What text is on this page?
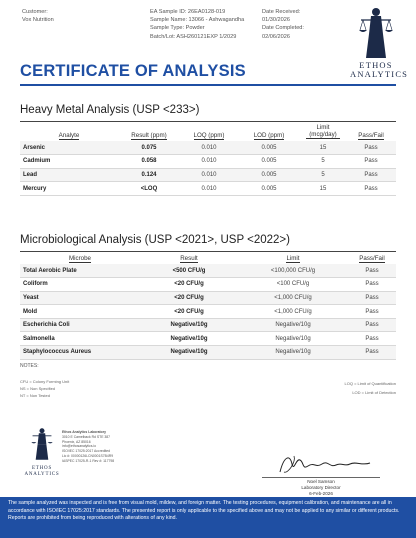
Customer:
Vox Nutrition
EA Sample ID: 26EA0128-019
Sample Name: 13066 - Ashwagandha
Sample Type: Powder
Batch/Lot: ASH260121EXP 1/2029
Date Received:
01/30/2026
Date Completed:
02/06/2026
ETHOS
ANALYTICS
CERTIFICATE OF ANALYSIS
Heavy Metal Analysis (USP <233>)
Analyte	Result (ppm)	LOQ (ppm)	LOD (ppm)	Limit (mcg/day)	Pass/Fail
Arsenic	0.075	0.010	0.005	15	Pass
Cadmium	0.058	0.010	0.005	5	Pass
Lead	0.124	0.010	0.005	5	Pass
Mercury	<LOQ	0.010	0.005	15	Pass
Microbiological Analysis (USP <2021>, USP <2022>)
Microbe	Result	Limit	Pass/Fail
Total Aerobic Plate	<500 CFU/g	<100,000 CFU/g	Pass
Coliform	<20 CFU/g	<100 CFU/g	Pass
Yeast	<20 CFU/g	<1,000 CFU/g	Pass
Mold	<20 CFU/g	<1,000 CFU/g	Pass
Escherichia Coli	Negative/10g	Negative/10g	Pass
Salmonella	Negative/10g	Negative/10g	Pass
Staphylococcus Aureus	Negative/10g	Negative/10g	Pass
NOTES:
CFU = Colony Forming Unit
NS = Non Specified
NT = Non Tested
LOQ = Limit of Quantification
LOD = Limit of Detection
ETHOS
ANALYTICS
Ethos Analytics Laboratory
3010 E Camelback Rd STE 387
Phoenix, AZ 85016
info@ethosanalytics.io
ISO/IEC 17025:2017 Accredited
Lic #: 00000126LCN0001S7B4R9
IASPEC 17025-R-1 Rev #: 117798
Noel Samson
Laboratory Director
6-Feb-2026
The sample analyzed was inspected and is free from visual mold, mildew, and foreign matter. The testing procedures, equipment calibration, and maintenance are all in accordance with ISO/IEC 17025:2017 standards. The presented report is only applicable to the specified above and may not be applied to any similar or different products. Reports are prohibited from being reproduced with alterations of any kind.
